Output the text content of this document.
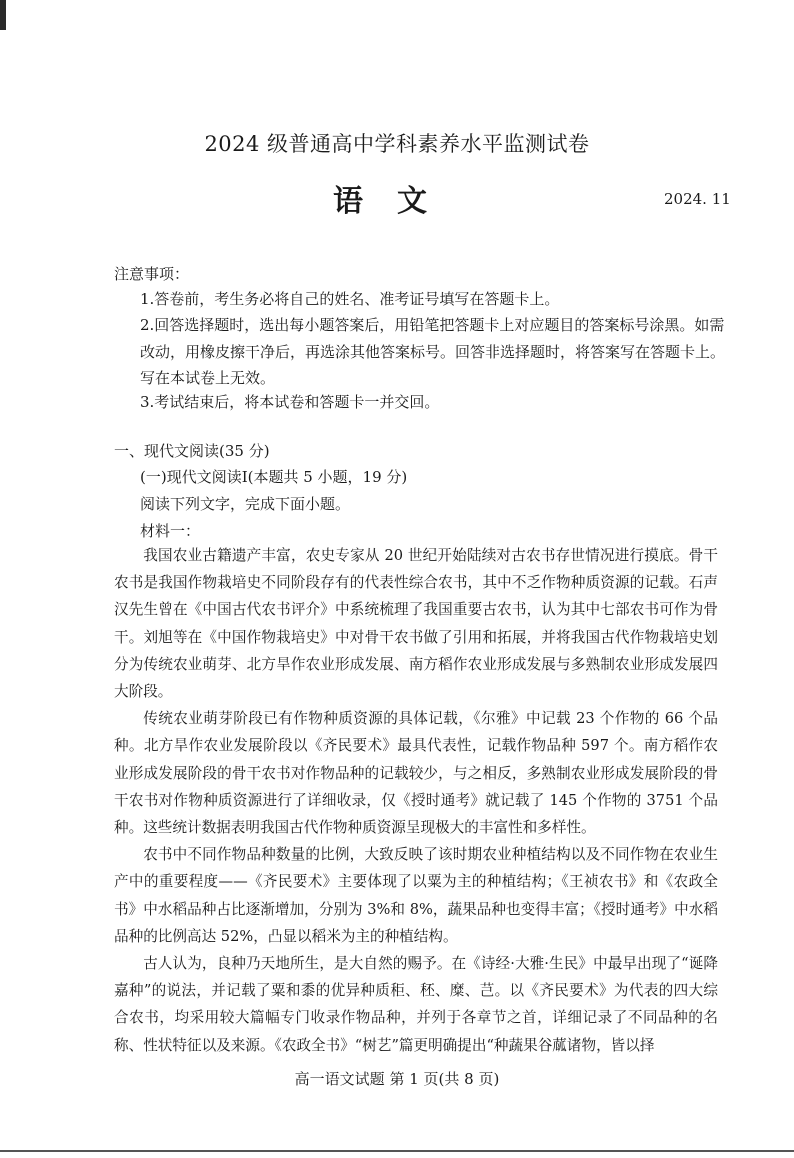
2024 级普通高中学科素养水平监测试卷
语文	2024. 11
注意事项：
1.答卷前，考生务必将自己的姓名、准考证号填写在答题卡上。
2.回答选择题时，选出每小题答案后，用铅笔把答题卡上对应题目的答案标号涂黑。如需改动，用橡皮擦干净后，再选涂其他答案标号。回答非选择题时，将答案写在答题卡上。写在本试卷上无效。
3.考试结束后，将本试卷和答题卡一并交回。
一、现代文阅读(35 分)
(一)现代文阅读Ⅰ(本题共 5 小题，19 分)
阅读下列文字，完成下面小题。
材料一：

我国农业古籍遗产丰富，农史专家从 20 世纪开始陆续对古农书存世情况进行摸底。骨干农书是我国作物栽培史不同阶段存有的代表性综合农书，其中不乏作物种质资源的记载。石声汉先生曾在《中国古代农书评介》中系统梳理了我国重要古农书，认为其中七部农书可作为骨干。刘旭等在《中国作物栽培史》中对骨干农书做了引用和拓展，并将我国古代作物栽培史划分为传统农业萌芽、北方旱作农业形成发展、南方稻作农业形成发展与多熟制农业形成发展四大阶段。

传统农业萌芽阶段已有作物种质资源的具体记载，《尔雅》中记载 23 个作物的 66 个品种。北方旱作农业发展阶段以《齐民要术》最具代表性，记载作物品种 597 个。南方稻作农业形成发展阶段的骨干农书对作物品种的记载较少，与之相反，多熟制农业形成发展阶段的骨干农书对作物种质资源进行了详细收录，仅《授时通考》就记载了 145 个作物的 3751 个品种。这些统计数据表明我国古代作物种质资源呈现极大的丰富性和多样性。

农书中不同作物品种数量的比例，大致反映了该时期农业种植结构以及不同作物在农业生产中的重要程度——《齐民要术》主要体现了以粟为主的种植结构；《王祯农书》和《农政全书》中水稻品种占比逐渐增加，分别为 3%和 8%，蔬果品种也变得丰富；《授时通考》中水稻品种的比例高达 52%，凸显以稻米为主的种植结构。

古人认为，良种乃天地所生，是大自然的赐予。在《诗经·大雅·生民》中最早出现了“诞降嘉种”的说法，并记载了粟和黍的优异种质秬、秠、糜、芑。以《齐民要术》为代表的四大综合农书，均采用较大篇幅专门收录作物品种，并列于各章节之首，详细记录了不同品种的名称、性状特征以及来源。《农政全书》“树艺”篇更明确提出“种蔬果谷蓏诸物，皆以择

高一语文试题 第 1 页(共 8 页)
